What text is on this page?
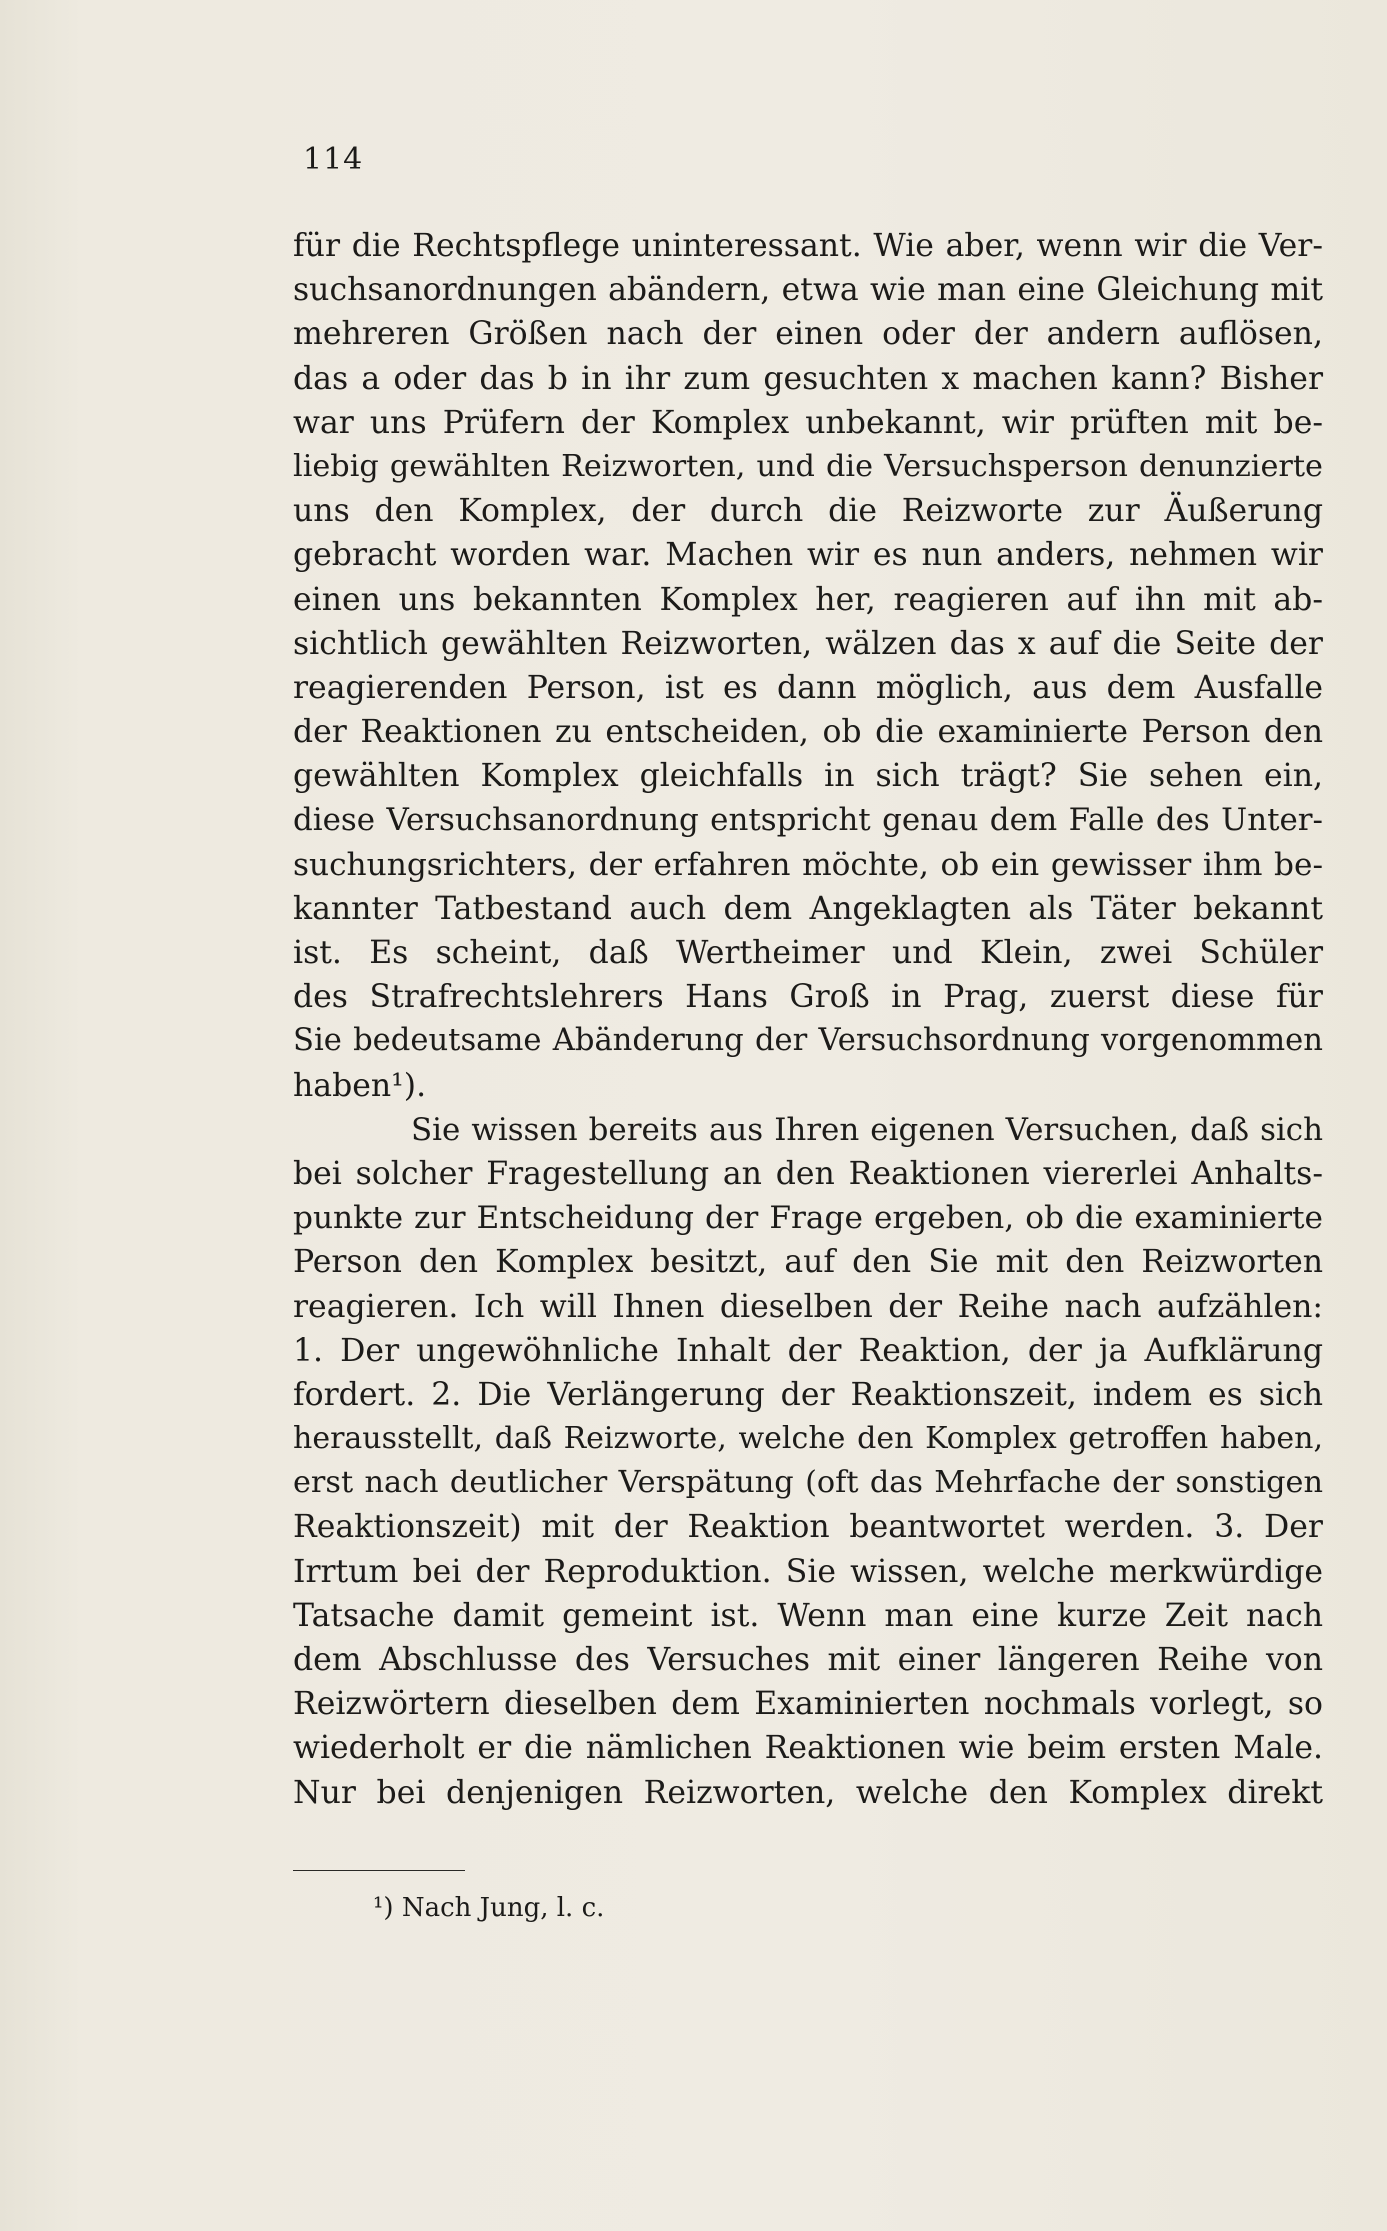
114
für die Rechtspflege uninteressant. Wie aber, wenn wir die Ver-
suchsanordnungen abändern, etwa wie man eine Gleichung mit
mehreren Größen nach der einen oder der andern auflösen,
das a oder das b in ihr zum gesuchten x machen kann? Bisher
war uns Prüfern der Komplex unbekannt, wir prüften mit be-
liebig gewählten Reizworten, und die Versuchsperson denunzierte
uns den Komplex, der durch die Reizworte zur Äußerung
gebracht worden war. Machen wir es nun anders, nehmen wir
einen uns bekannten Komplex her, reagieren auf ihn mit ab-
sichtlich gewählten Reizworten, wälzen das x auf die Seite der
reagierenden Person, ist es dann möglich, aus dem Ausfalle
der Reaktionen zu entscheiden, ob die examinierte Person den
gewählten Komplex gleichfalls in sich trägt? Sie sehen ein,
diese Versuchsanordnung entspricht genau dem Falle des Unter-
suchungsrichters, der erfahren möchte, ob ein gewisser ihm be-
kannter Tatbestand auch dem Angeklagten als Täter bekannt
ist. Es scheint, daß Wertheimer und Klein, zwei Schüler
des Strafrechtslehrers Hans Groß in Prag, zuerst diese für
Sie bedeutsame Abänderung der Versuchsordnung vorgenommen
haben¹).
Sie wissen bereits aus Ihren eigenen Versuchen, daß sich
bei solcher Fragestellung an den Reaktionen viererlei Anhalts-
punkte zur Entscheidung der Frage ergeben, ob die examinierte
Person den Komplex besitzt, auf den Sie mit den Reizworten
reagieren. Ich will Ihnen dieselben der Reihe nach aufzählen:
1. Der ungewöhnliche Inhalt der Reaktion, der ja Aufklärung
fordert. 2. Die Verlängerung der Reaktionszeit, indem es sich
herausstellt, daß Reizworte, welche den Komplex getroffen haben,
erst nach deutlicher Verspätung (oft das Mehrfache der sonstigen
Reaktionszeit) mit der Reaktion beantwortet werden. 3. Der
Irrtum bei der Reproduktion. Sie wissen, welche merkwürdige
Tatsache damit gemeint ist. Wenn man eine kurze Zeit nach
dem Abschlusse des Versuches mit einer längeren Reihe von
Reizwörtern dieselben dem Examinierten nochmals vorlegt, so
wiederholt er die nämlichen Reaktionen wie beim ersten Male.
Nur bei denjenigen Reizworten, welche den Komplex direkt
¹) Nach Jung, l. c.
